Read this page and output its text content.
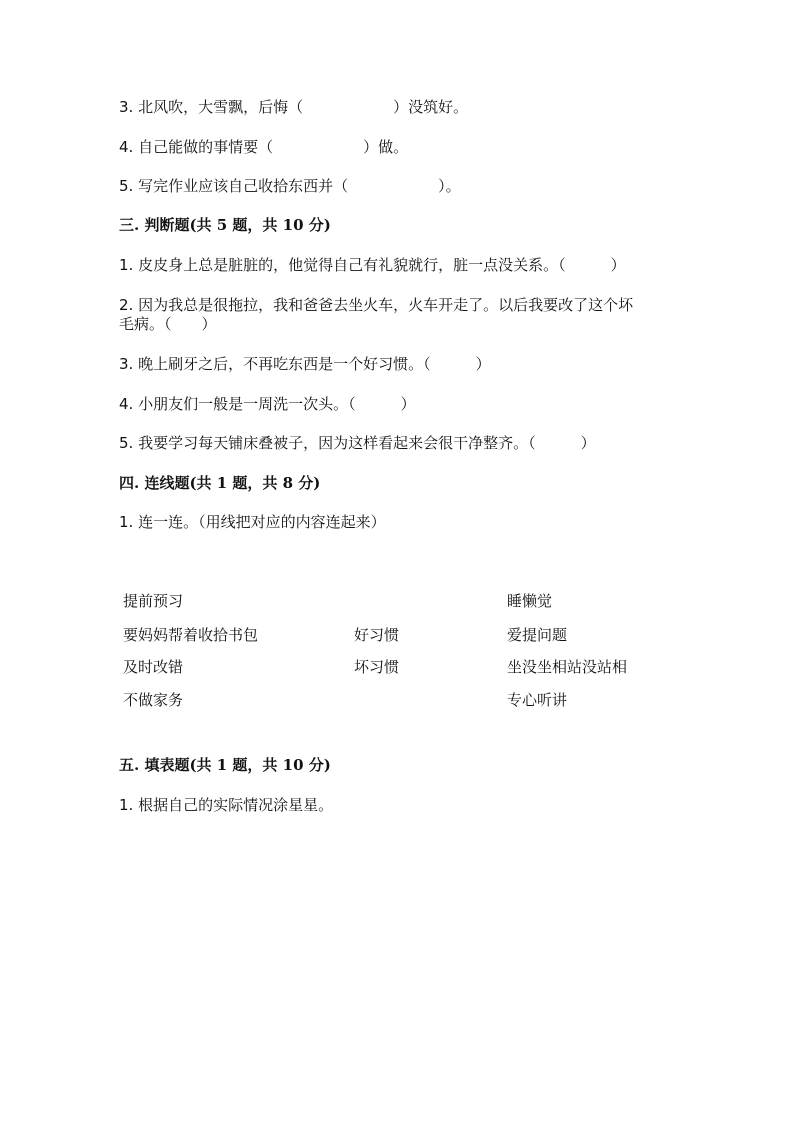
3. 北风吹，大雪飘，后悔（　　　　　　）没筑好。
4. 自己能做的事情要（　　　　　　）做。
5. 写完作业应该自己收拾东西并（　　　　　　）。
三. 判断题(共 5 题，共 10 分)
1. 皮皮身上总是脏脏的，他觉得自己有礼貌就行，脏一点没关系。（　　　）
2. 因为我总是很拖拉，我和爸爸去坐火车，火车开走了。以后我要改了这个坏
毛病。（　　）
3. 晚上刷牙之后，不再吃东西是一个好习惯。（　　　）
4. 小朋友们一般是一周洗一次头。（　　　）
5. 我要学习每天铺床叠被子，因为这样看起来会很干净整齐。（　　　）
四. 连线题(共 1 题，共 8 分)
1. 连一连。（用线把对应的内容连起来）
提前预习
要妈妈帮着收拾书包
及时改错
不做家务
好习惯
坏习惯
睡懒觉
爱提问题
坐没坐相站没站相
专心听讲
五. 填表题(共 1 题，共 10 分)
1. 根据自己的实际情况涂星星。
